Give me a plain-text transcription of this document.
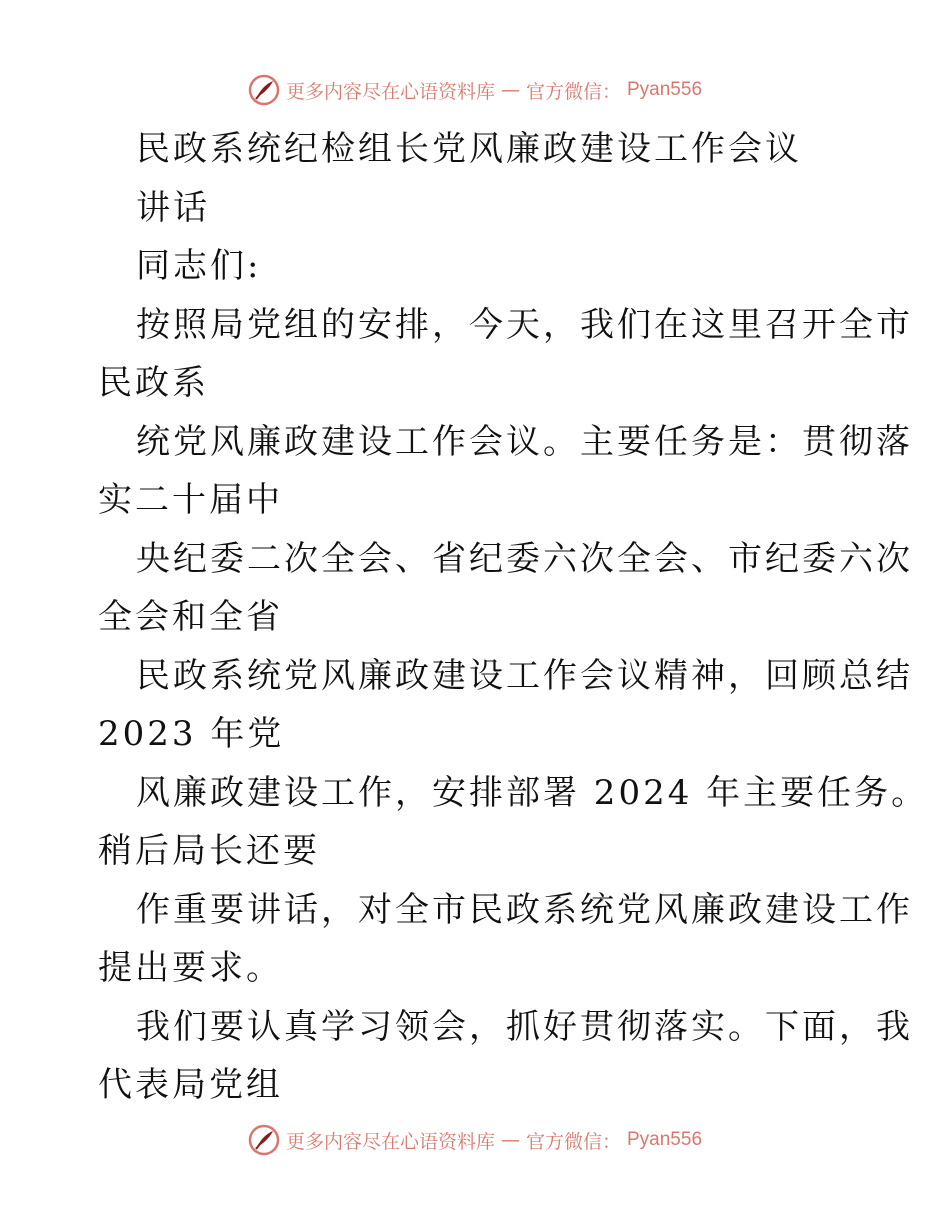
更多内容尽在心语资料库 — 官方微信： Pyan556
民政系统纪检组长党风廉政建设工作会议
讲话
同志们:
按照局党组的安排，今天，我们在这里召开全市
民政系
统党风廉政建设工作会议。主要任务是：贯彻落
实二十届中
央纪委二次全会、省纪委六次全会、市纪委六次
全会和全省
民政系统党风廉政建设工作会议精神，回顾总结
2023 年党
风廉政建设工作，安排部署 2024 年主要任务。
稍后局长还要
作重要讲话，对全市民政系统党风廉政建设工作
提出要求。
我们要认真学习领会，抓好贯彻落实。下面，我
代表局党组
更多内容尽在心语资料库 — 官方微信： Pyan556
